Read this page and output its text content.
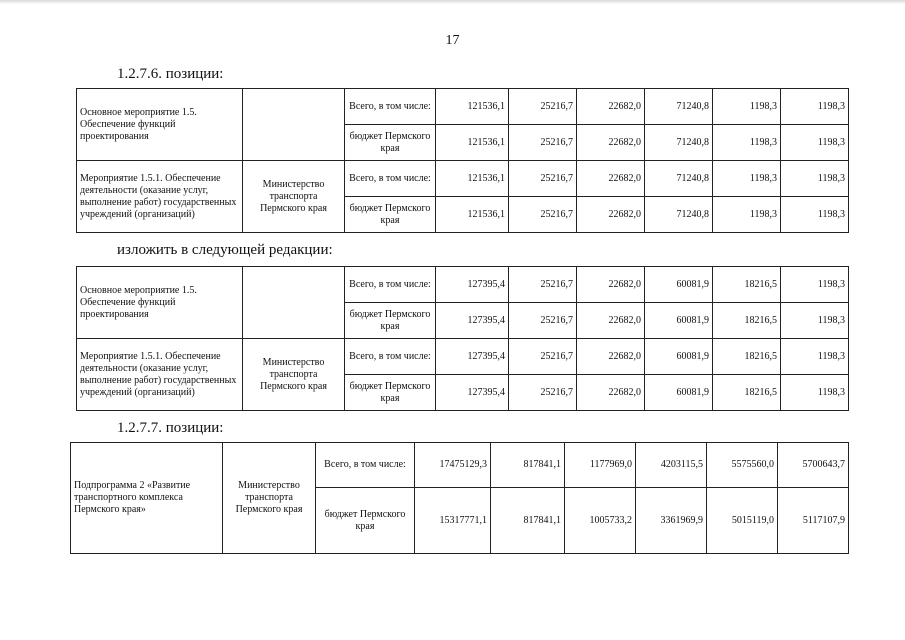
17
1.2.7.6. позиции:
Основное мероприятие 1.5. Обеспечение функций проектирования		Всего, в том числе:	121536,1	25216,7	22682,0	71240,8	1198,3	1198,3
		бюджет Пермского края	121536,1	25216,7	22682,0	71240,8	1198,3	1198,3
Мероприятие 1.5.1. Обеспечение деятельности (оказание услуг, выполнение работ) государственных учреждений (организаций)	Министерство транспорта Пермского края	Всего, в том числе:	121536,1	25216,7	22682,0	71240,8	1198,3	1198,3
		бюджет Пермского края	121536,1	25216,7	22682,0	71240,8	1198,3	1198,3
изложить в следующей редакции:
Основное мероприятие 1.5. Обеспечение функций проектирования		Всего, в том числе:	127395,4	25216,7	22682,0	60081,9	18216,5	1198,3
		бюджет Пермского края	127395,4	25216,7	22682,0	60081,9	18216,5	1198,3
Мероприятие 1.5.1. Обеспечение деятельности (оказание услуг, выполнение работ) государственных учреждений (организаций)	Министерство транспорта Пермского края	Всего, в том числе:	127395,4	25216,7	22682,0	60081,9	18216,5	1198,3
		бюджет Пермского края	127395,4	25216,7	22682,0	60081,9	18216,5	1198,3
1.2.7.7. позиции:
Подпрограмма 2 «Развитие транспортного комплекса Пермского края»	Министерство транспорта Пермского края	Всего, в том числе:	17475129,3	817841,1	1177969,0	4203115,5	5575560,0	5700643,7
		бюджет Пермского края	15317771,1	817841,1	1005733,2	3361969,9	5015119,0	5117107,9
